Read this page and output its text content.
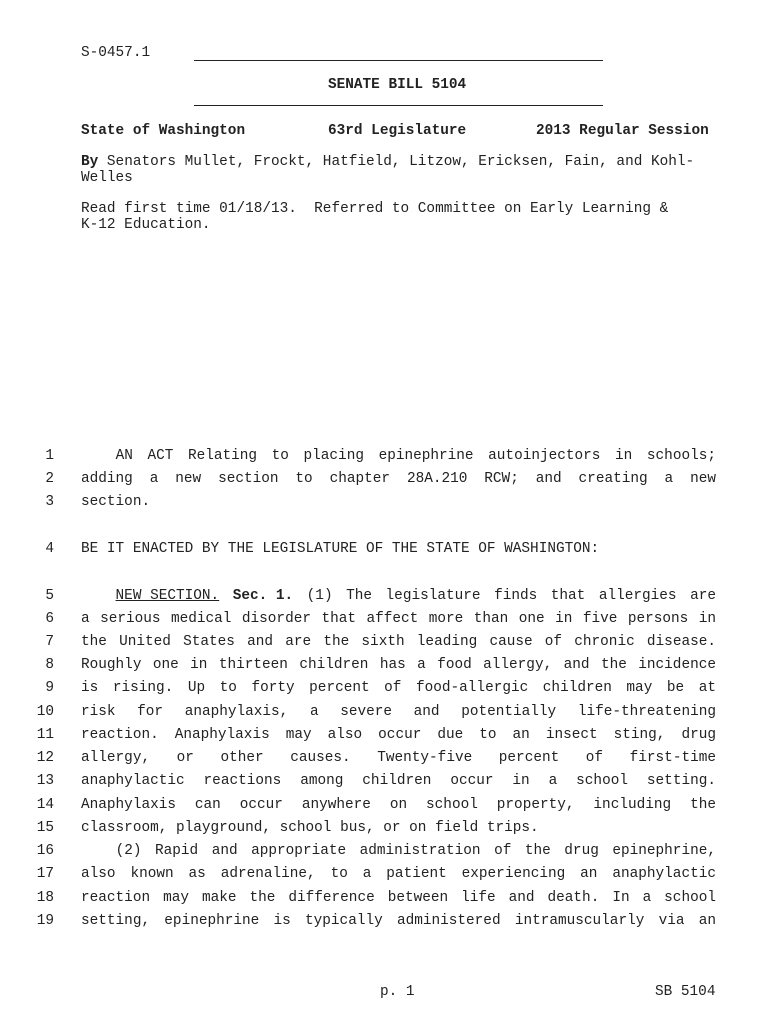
S-0457.1
SENATE BILL 5104
State of Washington	63rd Legislature	2013 Regular Session
By Senators Mullet, Frockt, Hatfield, Litzow, Ericksen, Fain, and Kohl-
Welles
Read first time 01/18/13.  Referred to Committee on Early Learning &
K-12 Education.
1	AN ACT Relating to placing epinephrine autoinjectors in schools;
2 adding a new section to chapter 28A.210 RCW; and creating a new
3 section.
4 BE IT ENACTED BY THE LEGISLATURE OF THE STATE OF WASHINGTON:
5	NEW SECTION. Sec. 1. (1) The legislature finds that allergies are
6 a serious medical disorder that affect more than one in five persons in
7 the United States and are the sixth leading cause of chronic disease.
8 Roughly one in thirteen children has a food allergy, and the incidence
9 is rising. Up to forty percent of food-allergic children may be at
10 risk for anaphylaxis, a severe and potentially life-threatening
11 reaction. Anaphylaxis may also occur due to an insect sting, drug
12 allergy, or other causes. Twenty-five percent of first-time
13 anaphylactic reactions among children occur in a school setting.
14 Anaphylaxis can occur anywhere on school property, including the
15 classroom, playground, school bus, or on field trips.
16	(2) Rapid and appropriate administration of the drug epinephrine,
17 also known as adrenaline, to a patient experiencing an anaphylactic
18 reaction may make the difference between life and death. In a school
19 setting, epinephrine is typically administered intramuscularly via an
p. 1	SB 5104
